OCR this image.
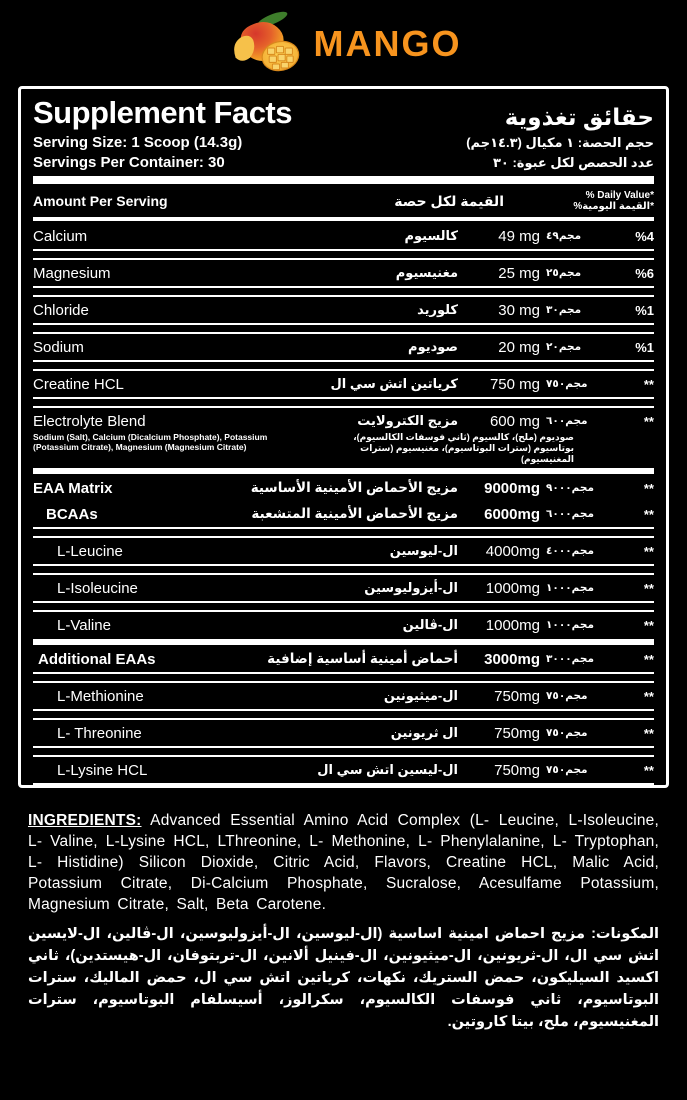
MANGO
Supplement Facts	حقائق تغذوية
Serving Size: 1 Scoop (14.3g)	حجم الحصة: ١ مكيال (١٤.٣جم)
Servings Per Container: 30	عدد الحصص لكل عبوة: ٣٠
Amount Per Serving	القيمة لكل حصة	% Daily Value*
*القيمة اليومية%
Calcium	كالسيوم	49 mg ٤٩مجم	%4
Magnesium	مغنيسيوم	25 mg ٢٥مجم	%6
Chloride	كلوريد	30 mg ٣٠مجم	%1
Sodium	صوديوم	20 mg ٢٠مجم	%1
Creatine HCL	كرياتين اتش سي ال	750 mg ٧٥٠مجم	**
Electrolyte Blend	مزيج الكترولايت	600 mg ٦٠٠مجم	**
Sodium (Salt), Calcium (Dicalcium Phosphate), Potassium (Potassium Citrate), Magnesium (Magnesium Citrate)
صوديوم (ملح)، كالسيوم (ثاني فوسفات الكالسيوم)، بوتاسيوم (سترات البوتاسيوم)، مغنيسيوم (سترات المغنيسيوم)
EAA Matrix	مزيج الأحماض الأمينية الأساسية	9000mg ٩٠٠٠مجم	**
BCAAs	مزيج الأحماض الأمينية المتشعبة	6000mg ٦٠٠٠مجم	**
L-Leucine	ال-ليوسين	4000mg ٤٠٠٠مجم	**
L-Isoleucine	ال-أيزوليوسين	1000mg ١٠٠٠مجم	**
L-Valine	ال-ڤالين	1000mg ١٠٠٠مجم	**
Additional EAAs	أحماض أمينية أساسية إضافية	3000mg ٣٠٠٠مجم	**
L-Methionine	ال-ميثيونين	750mg ٧٥٠مجم	**
L- Threonine	ال ثريونين	750mg ٧٥٠مجم	**
L-Lysine HCL	ال-ليسين اتش سي ال	750mg ٧٥٠مجم	**
INGREDIENTS: Advanced Essential Amino Acid Complex (L- Leucine, L-Isoleucine, L- Valine, L-Lysine HCL, LThreonine, L- Methonine, L- Phenylalanine, L- Tryptophan, L- Histidine) Silicon Dioxide, Citric Acid, Flavors, Creatine HCL, Malic Acid, Potassium Citrate, Di-Calcium Phosphate, Sucralose, Acesulfame Potassium, Magnesium Citrate, Salt, Beta Carotene.
المكونات: مزيج احماض امينية اساسية (ال-ليوسين، ال-أيزوليوسين، ال-ڤالين، ال-لايسين اتش سي ال، ال-ثريونين، ال-ميثيونين، ال-فينيل ألانين، ال-تربتوفان، ال-هيستدين)، ثاني اكسيد السيليكون، حمض الستريك، نكهات، كرياتين اتش سي ال، حمض الماليك، سترات البوتاسيوم، ثاني فوسفات الكالسيوم، سكرالوز، أسيسلفام البوتاسيوم، سترات المغنيسيوم، ملح، بيتا كاروتين.
